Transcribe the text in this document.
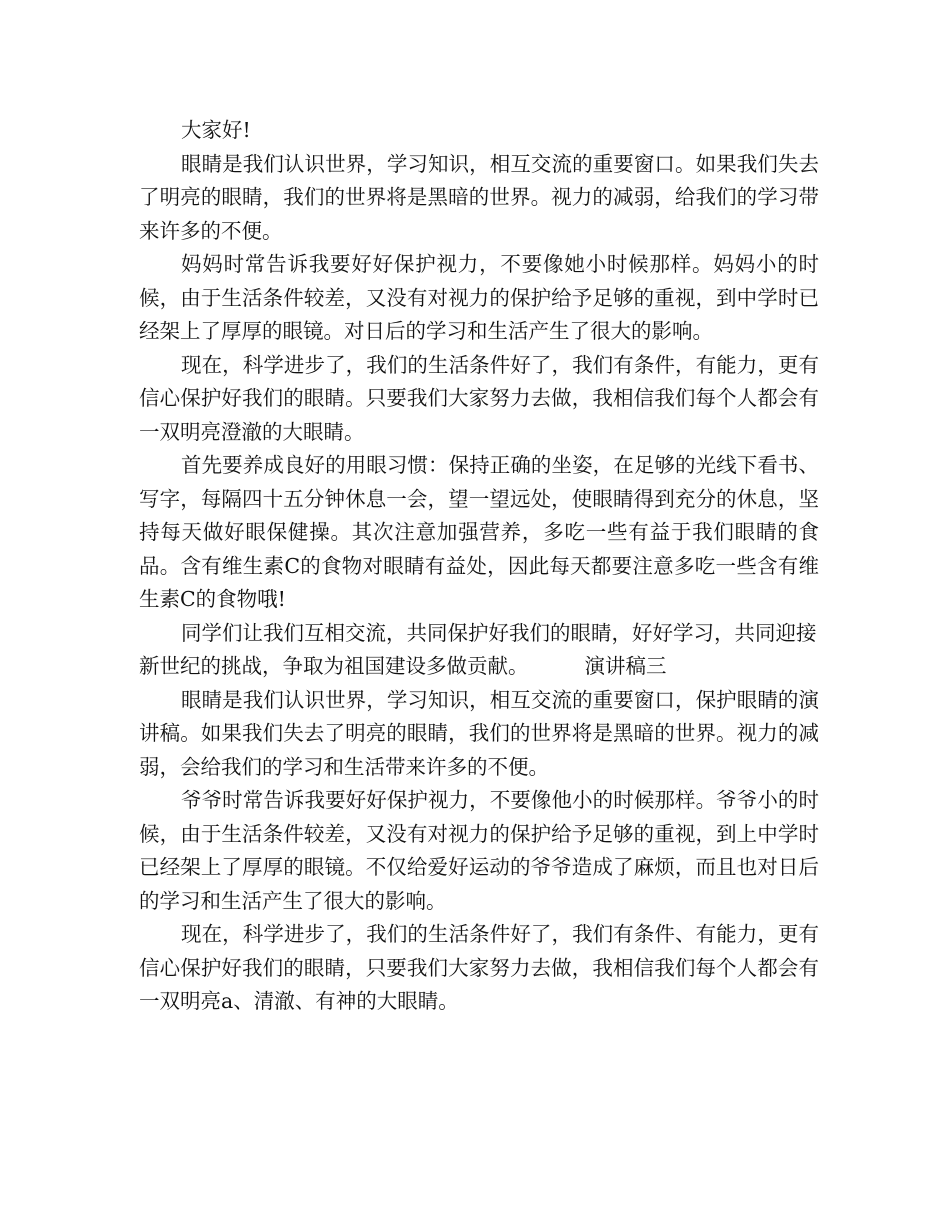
大家好!

眼睛是我们认识世界，学习知识，相互交流的重要窗口。如果我们失去了明亮的眼睛，我们的世界将是黑暗的世界。视力的减弱，给我们的学习带来许多的不便。

妈妈时常告诉我要好好保护视力，不要像她小时候那样。妈妈小的时候，由于生活条件较差，又没有对视力的保护给予足够的重视，到中学时已经架上了厚厚的眼镜。对日后的学习和生活产生了很大的影响。

现在，科学进步了，我们的生活条件好了，我们有条件，有能力，更有信心保护好我们的眼睛。只要我们大家努力去做，我相信我们每个人都会有一双明亮澄澈的大眼睛。

首先要养成良好的用眼习惯：保持正确的坐姿，在足够的光线下看书、写字，每隔四十五分钟休息一会，望一望远处，使眼睛得到充分的休息，坚持每天做好眼保健操。其次注意加强营养，多吃一些有益于我们眼睛的食品。含有维生素C的食物对眼睛有益处，因此每天都要注意多吃一些含有维生素C的食物哦!

同学们让我们互相交流，共同保护好我们的眼睛，好好学习，共同迎接新世纪的挑战，争取为祖国建设多做贡献。	演讲稿三

眼睛是我们认识世界，学习知识，相互交流的重要窗口，保护眼睛的演讲稿。如果我们失去了明亮的眼睛，我们的世界将是黑暗的世界。视力的减弱，会给我们的学习和生活带来许多的不便。

爷爷时常告诉我要好好保护视力，不要像他小的时候那样。爷爷小的时候，由于生活条件较差，又没有对视力的保护给予足够的重视，到上中学时已经架上了厚厚的眼镜。不仅给爱好运动的爷爷造成了麻烦，而且也对日后的学习和生活产生了很大的影响。

现在，科学进步了，我们的生活条件好了，我们有条件、有能力，更有信心保护好我们的眼睛，只要我们大家努力去做，我相信我们每个人都会有一双明亮a、清澈、有神的大眼睛。
